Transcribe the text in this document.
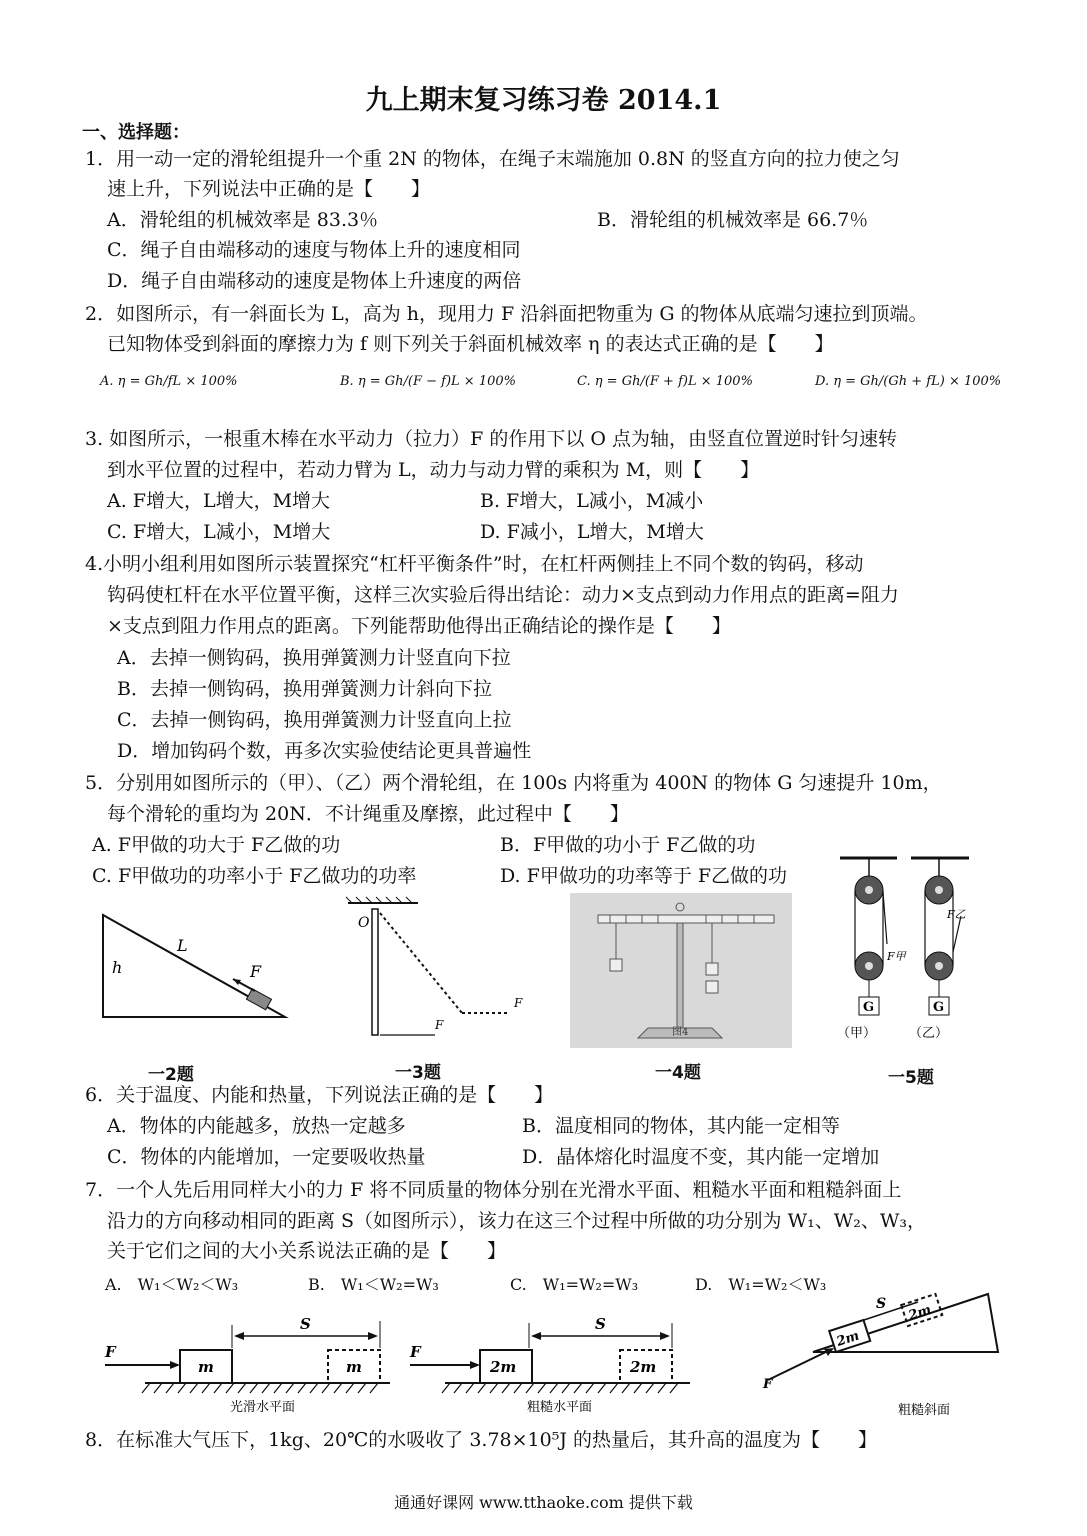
九上期末复习练习卷 2014.1
一、选择题：
1．用一动一定的滑轮组提升一个重 2N 的物体，在绳子末端施加 0.8N 的竖直方向的拉力使之匀
速上升，下列说法中正确的是【　　】
A．滑轮组的机械效率是 83.3％	B．滑轮组的机械效率是 66.7％
C．绳子自由端移动的速度与物体上升的速度相同
D．绳子自由端移动的速度是物体上升速度的两倍
2．如图所示，有一斜面长为 L，高为 h，现用力 F 沿斜面把物重为 G 的物体从底端匀速拉到顶端。
已知物体受到斜面的摩擦力为 f 则下列关于斜面机械效率 η 的表达式正确的是【　　】
A. η = Gh/fL × 100%	B. η = Gh/(F − f)L × 100%	C. η = Gh/(F + f)L × 100%	D. η = Gh/(Gh + fL) × 100%
3. 如图所示，一根重木棒在水平动力（拉力）F 的作用下以 O 点为轴，由竖直位置逆时针匀速转
到水平位置的过程中，若动力臂为 L，动力与动力臂的乘积为 M，则【　　】
A. F增大，L增大，M增大	B. F增大，L减小，M减小
C. F增大，L减小，M增大	D. F减小，L增大，M增大
4.小明小组利用如图所示装置探究“杠杆平衡条件”时，在杠杆两侧挂上不同个数的钩码，移动
钩码使杠杆在水平位置平衡，这样三次实验后得出结论：动力×支点到动力作用点的距离=阻力
×支点到阻力作用点的距离。下列能帮助他得出正确结论的操作是【　　】
A．去掉一侧钩码，换用弹簧测力计竖直向下拉
B．去掉一侧钩码，换用弹簧测力计斜向下拉
C．去掉一侧钩码，换用弹簧测力计竖直向上拉
D．增加钩码个数，再多次实验使结论更具普遍性
5．分别用如图所示的（甲）、（乙）两个滑轮组，在 100s 内将重为 400N 的物体 G 匀速提升 10m，
每个滑轮的重均为 20N．不计绳重及摩擦，此过程中【　　】
A. F甲做的功大于 F乙做的功	B．F甲做的功小于 F乙做的功
C. F甲做功的功率小于 F乙做功的功率	D. F甲做功的功率等于 F乙做的功
h
L
F
O
F
F
图4
G
F甲
（甲）
G
F乙
（乙）
一2题	一3题	一4题	一5题
6．关于温度、内能和热量，下列说法正确的是【　　】
A．物体的内能越多，放热一定越多	B．温度相同的物体，其内能一定相等
C．物体的内能增加，一定要吸收热量	D．晶体熔化时温度不变，其内能一定增加
7．一个人先后用同样大小的力 F 将不同质量的物体分别在光滑水平面、粗糙水平面和粗糙斜面上
沿力的方向移动相同的距离 S（如图所示），该力在这三个过程中所做的功分别为 W₁、W₂、W₃，
关于它们之间的大小关系说法正确的是【　　】
A.　W₁＜W₂＜W₃	B.　W₁＜W₂=W₃	C.　W₁=W₂=W₃	D.　W₁=W₂＜W₃
m	m
F
S
光滑水平面
2m	2m
F
S
粗糙水平面
2m
2m
F
S
粗糙斜面
8．在标准大气压下，1kg、20℃的水吸收了 3.78×10⁵J 的热量后，其升高的温度为【　　】
通通好课网 www.tthaoke.com 提供下载
